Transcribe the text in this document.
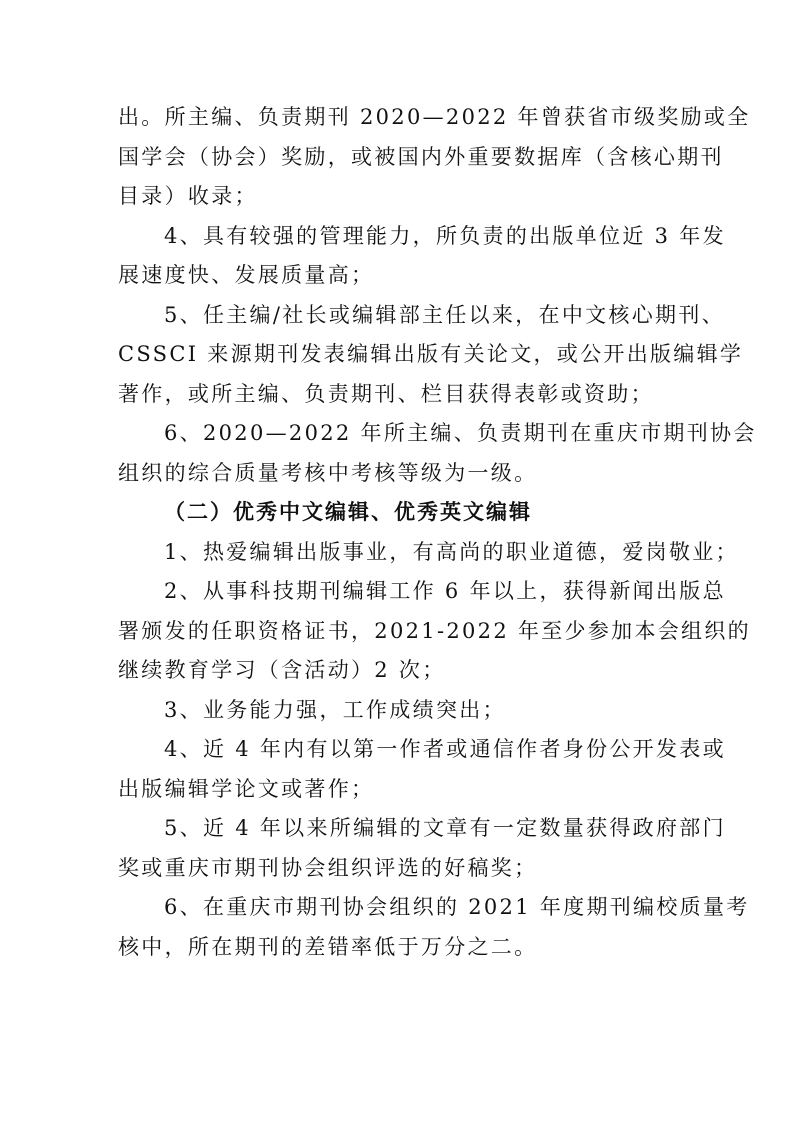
出。所主编、负责期刊 2020—2022 年曾获省市级奖励或全
国学会（协会）奖励，或被国内外重要数据库（含核心期刊
目录）收录；
4、具有较强的管理能力，所负责的出版单位近 3 年发
展速度快、发展质量高；
5、任主编/社长或编辑部主任以来，在中文核心期刊、
CSSCI 来源期刊发表编辑出版有关论文，或公开出版编辑学
著作，或所主编、负责期刊、栏目获得表彰或资助；
6、2020—2022 年所主编、负责期刊在重庆市期刊协会
组织的综合质量考核中考核等级为一级。
（二）优秀中文编辑、优秀英文编辑
1、热爱编辑出版事业，有高尚的职业道德，爱岗敬业；
2、从事科技期刊编辑工作 6 年以上，获得新闻出版总
署颁发的任职资格证书，2021-2022 年至少参加本会组织的
继续教育学习（含活动）2 次；
3、业务能力强，工作成绩突出；
4、近 4 年内有以第一作者或通信作者身份公开发表或
出版编辑学论文或著作；
5、近 4 年以来所编辑的文章有一定数量获得政府部门
奖或重庆市期刊协会组织评选的好稿奖；
6、在重庆市期刊协会组织的 2021 年度期刊编校质量考
核中，所在期刊的差错率低于万分之二。
